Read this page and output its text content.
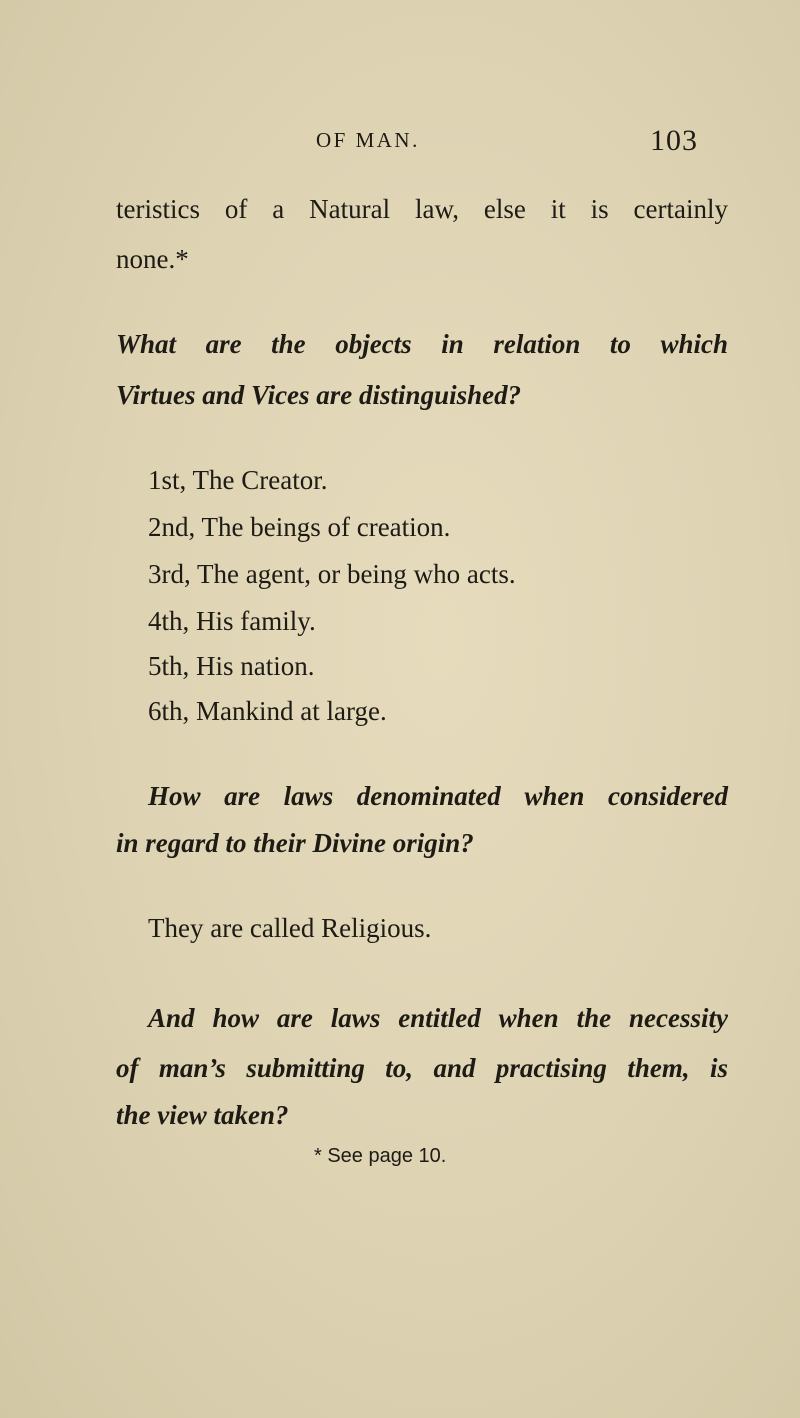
OF MAN.	103
teristics of a Natural law, else it is certainly
none.*
What are the objects in relation to which
Virtues and Vices are distinguished?
1st, The Creator.
2nd, The beings of creation.
3rd, The agent, or being who acts.
4th, His family.
5th, His nation.
6th, Mankind at large.
How are laws denominated when considered
in regard to their Divine origin?
They are called Religious.
And how are laws entitled when the necessity
of man’s submitting to, and practising them, is
the view taken?
* See page 10.
